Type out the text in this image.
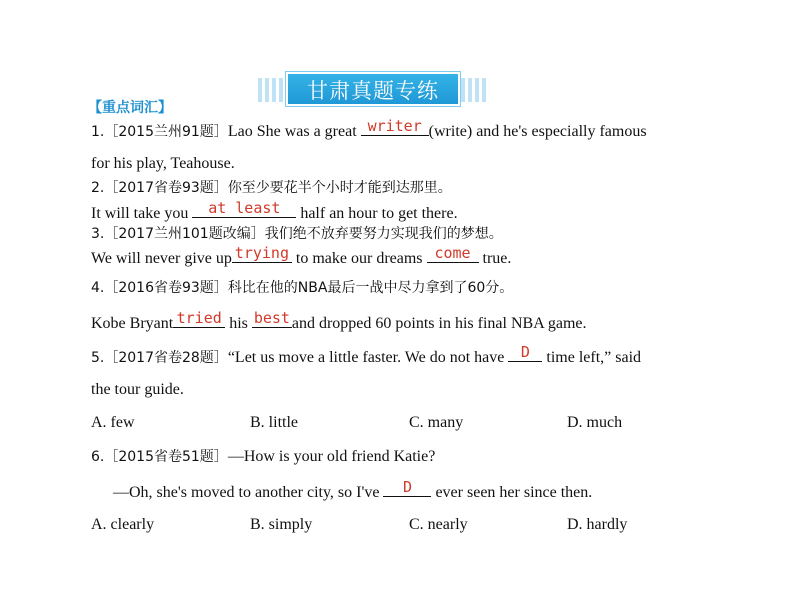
甘肃真题专练
【重点词汇】
1.［2015兰州91题］Lao She was a great writer (write) and he's especially famous
for his play, Teahouse.
2.［2017省卷93题］你至少要花半个小时才能到达那里。
It will take you	at least half an hour to get there.
3.［2017兰州101题改编］我们绝不放弃要努力实现我们的梦想。
We will never give up trying to make our dreams come true.
4.［2016省卷93题］科比在他的NBA最后一战中尽力拿到了60分。
Kobe Bryant tried his best and dropped 60 points in his final NBA game.
5.［2017省卷28题］“Let us move a little faster. We do not have D time left,” said
the tour guide.
A. few	B. little	C. many	D. much
6.［2015省卷51题］—How is your old friend Katie?
—Oh, she's moved to another city, so I've	D	ever seen her since then.
A. clearly	B. simply	C. nearly	D. hardly
